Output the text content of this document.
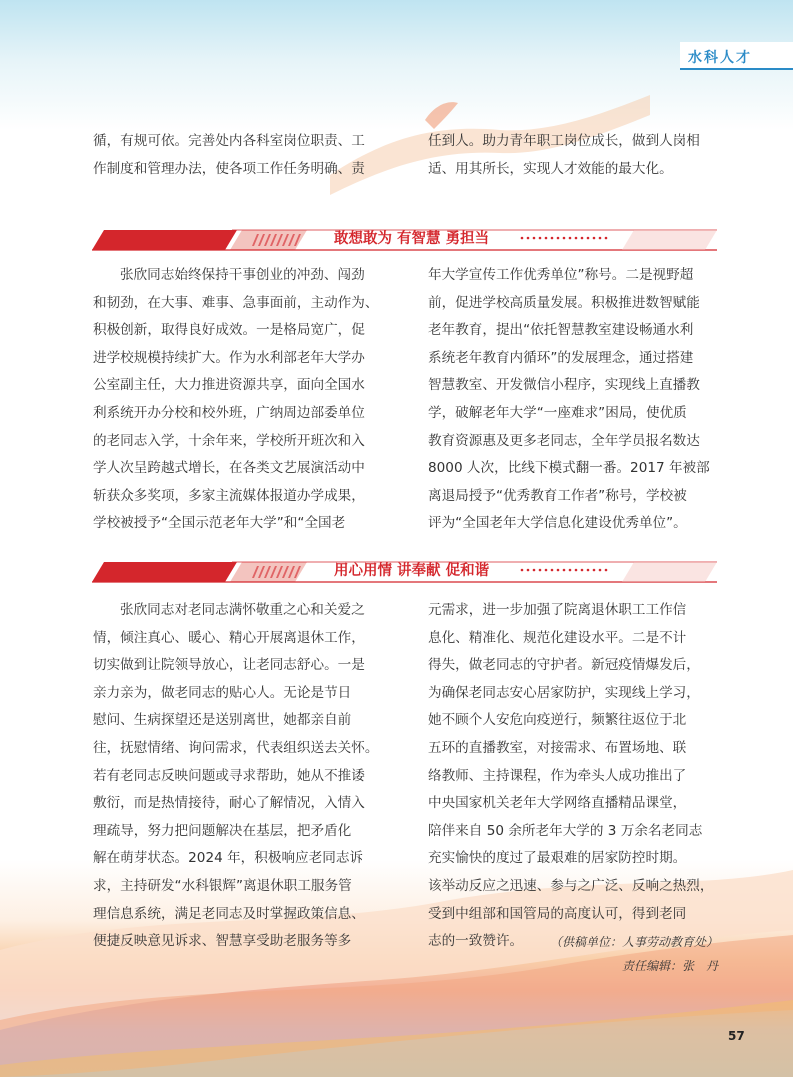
水科人才
循，有规可依。完善处内各科室岗位职责、工
作制度和管理办法，使各项工作任务明确、责
任到人。助力青年职工岗位成长，做到人岗相
适、用其所长，实现人才效能的最大化。
敢想敢为 有智慧 勇担当
张欣同志始终保持干事创业的冲劲、闯劲
和韧劲，在大事、难事、急事面前，主动作为、
积极创新，取得良好成效。一是格局宽广，促
进学校规模持续扩大。作为水利部老年大学办
公室副主任，大力推进资源共享，面向全国水
利系统开办分校和校外班，广纳周边部委单位
的老同志入学，十余年来，学校所开班次和入
学人次呈跨越式增长，在各类文艺展演活动中
斩获众多奖项，多家主流媒体报道办学成果，
学校被授予“全国示范老年大学”和“全国老
年大学宣传工作优秀单位”称号。二是视野超
前，促进学校高质量发展。积极推进数智赋能
老年教育，提出“依托智慧教室建设畅通水利
系统老年教育内循环”的发展理念，通过搭建
智慧教室、开发微信小程序，实现线上直播教
学，破解老年大学“一座难求”困局，使优质
教育资源惠及更多老同志，全年学员报名数达
8000 人次，比线下模式翻一番。2017 年被部
离退局授予“优秀教育工作者”称号，学校被
评为“全国老年大学信息化建设优秀单位”。
用心用情 讲奉献 促和谐
张欣同志对老同志满怀敬重之心和关爱之
情，倾注真心、暖心、精心开展离退休工作，
切实做到让院领导放心，让老同志舒心。一是
亲力亲为，做老同志的贴心人。无论是节日
慰问、生病探望还是送别离世，她都亲自前
往，抚慰情绪、询问需求，代表组织送去关怀。
若有老同志反映问题或寻求帮助，她从不推诿
敷衍，而是热情接待，耐心了解情况，入情入
理疏导，努力把问题解决在基层，把矛盾化
解在萌芽状态。2024 年，积极响应老同志诉
求，主持研发“水科银辉”离退休职工服务管
理信息系统，满足老同志及时掌握政策信息、
便捷反映意见诉求、智慧享受助老服务等多
元需求，进一步加强了院离退休职工工作信
息化、精准化、规范化建设水平。二是不计
得失，做老同志的守护者。新冠疫情爆发后，
为确保老同志安心居家防护，实现线上学习，
她不顾个人安危向疫逆行，频繁往返位于北
五环的直播教室，对接需求、布置场地、联
络教师、主持课程，作为牵头人成功推出了
中央国家机关老年大学网络直播精品课堂，
陪伴来自 50 余所老年大学的 3 万余名老同志
充实愉快的度过了最艰难的居家防控时期。
该举动反应之迅速、参与之广泛、反响之热烈，
受到中组部和国管局的高度认可，得到老同
志的一致赞许。	（供稿单位：人事劳动教育处）
责任编辑：张　丹
57
